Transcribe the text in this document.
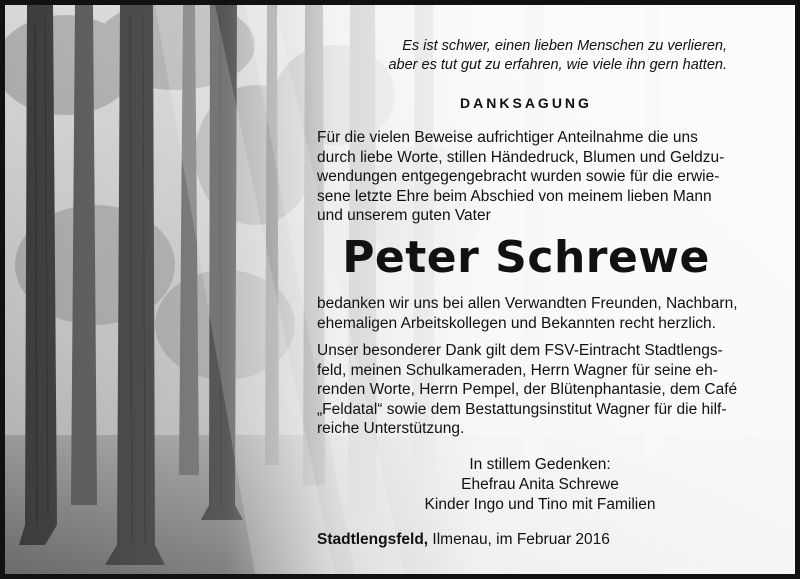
Es ist schwer, einen lieben Menschen zu verlieren,
aber es tut gut zu erfahren, wie viele ihn gern hatten.
DANKSAGUNG
Für die vielen Beweise aufrichtiger Anteilnahme die uns
durch liebe Worte, stillen Händedruck, Blumen und Geldzu-
wendungen entgegengebracht wurden sowie für die erwie-
sene letzte Ehre beim Abschied von meinem lieben Mann
und unserem guten Vater
Peter Schrewe
bedanken wir uns bei allen Verwandten Freunden, Nachbarn,
ehemaligen Arbeitskollegen und Bekannten recht herzlich.
Unser besonderer Dank gilt dem FSV-Eintracht Stadtlengs-
feld, meinen Schulkameraden, Herrn Wagner für seine eh-
renden Worte, Herrn Pempel, der Blütenphantasie, dem Café
„Feldatal“ sowie dem Bestattungsinstitut Wagner für die hilf-
reiche Unterstützung.
In stillem Gedenken:
Ehefrau Anita Schrewe
Kinder Ingo und Tino mit Familien
Stadtlengsfeld, Ilmenau, im Februar 2016
